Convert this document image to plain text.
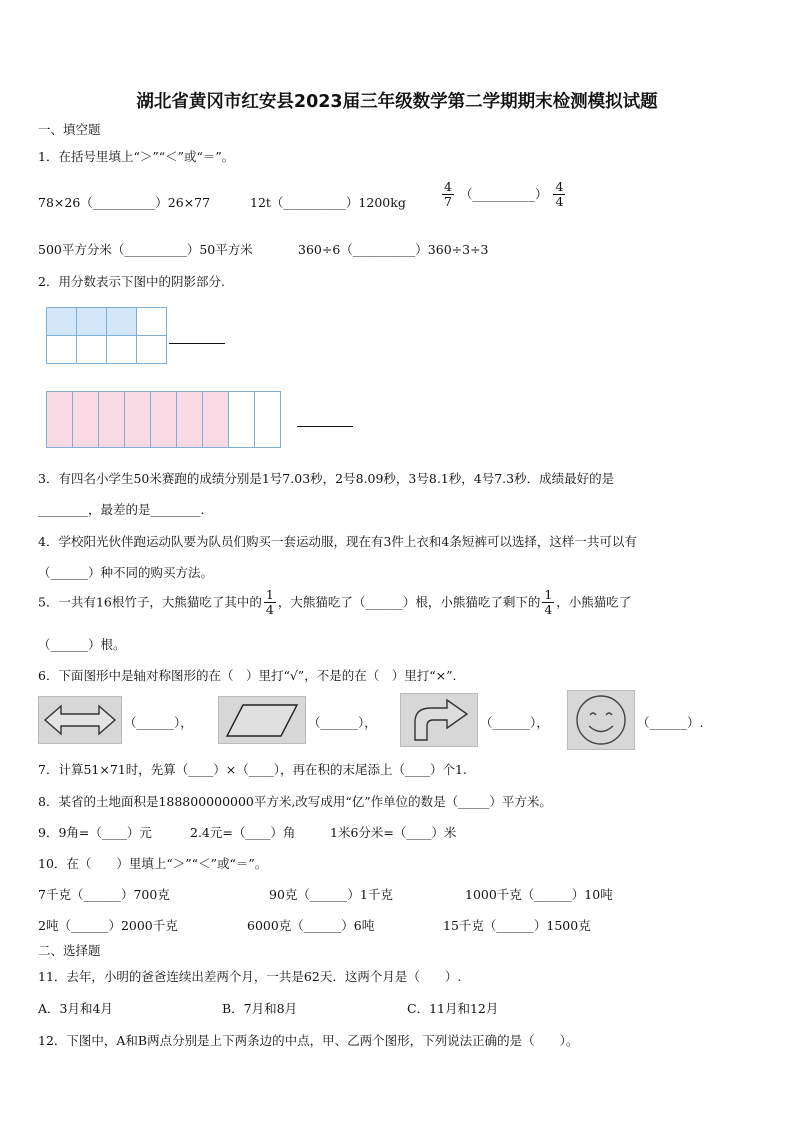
湖北省黄冈市红安县2023届三年级数学第二学期期末检测模拟试题
一、填空题
1．在括号里填上“＞”“＜”或“＝”。
78×26（__________）26×77	12t（__________）1200kg	$\frac{4}{7}$ （__________） $\frac{4}{4}$
500平方分米（__________）50平方米	360÷6（__________）360÷3÷3
2．用分数表示下图中的阴影部分.

3．有四名小学生50米赛跑的成绩分别是1号7.03秒，2号8.09秒，3号8.1秒，4号7.3秒．成绩最好的是
________，最差的是________.
4．学校阳光伙伴跑运动队要为队员们购买一套运动服，现在有3件上衣和4条短裤可以选择，这样一共可以有
（______）种不同的购买方法。
5．一共有16根竹子，大熊猫吃了其中的 $\frac{1}{4}$ ，大熊猫吃了（______）根，小熊猫吃了剩下的 $\frac{1}{4}$ ，小熊猫吃了
（______）根。
6．下面图形中是轴对称图形的在（　）里打“√”，不是的在（　）里打“×”.
（______），	（______），	（______），	（______）.
7．计算51×71时，先算（____）×（____），再在积的末尾添上（____）个1.
8．某省的土地面积是188800000000平方米,改写成用“亿”作单位的数是（_____）平方米。
9．9角=（____）元	2.4元=（____）角	1米6分米=（____）米
10．在（　　）里填上“＞”“＜”或“＝”。
7千克（______）700克	90克（______）1千克	1000千克（______）10吨
2吨（______）2000千克	6000克（______）6吨	15千克（______）1500克
二、选择题
11．去年，小明的爸爸连续出差两个月，一共是62天．这两个月是（　　）.
A．3月和4月	B．7月和8月	C．11月和12月
12．下图中，A和B两点分别是上下两条边的中点，甲、乙两个图形，下列说法正确的是（　　）。
